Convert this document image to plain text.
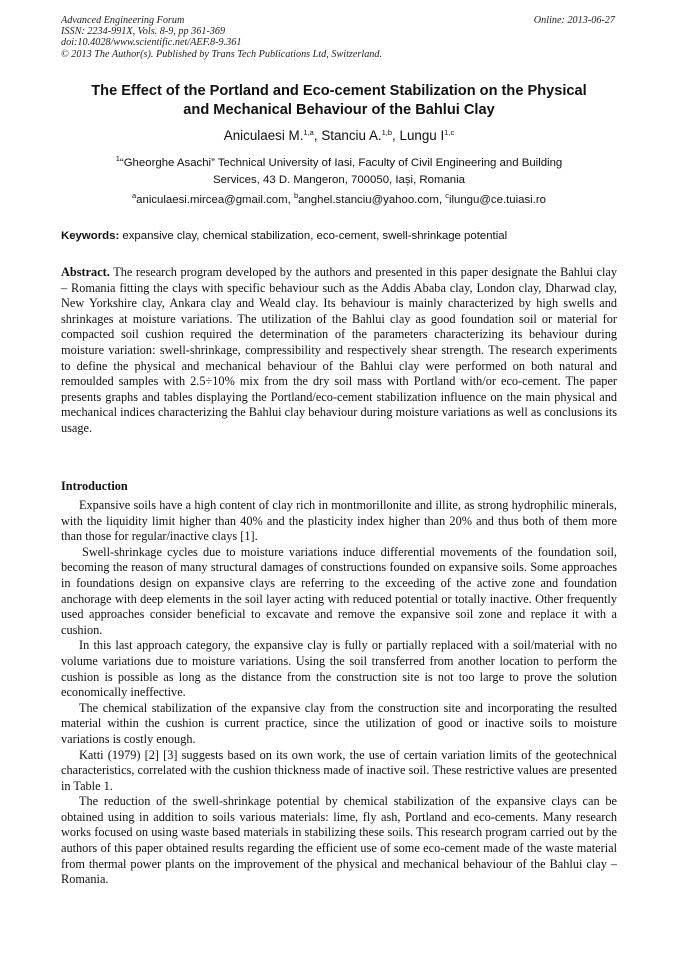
Advanced Engineering Forum
ISSN: 2234-991X, Vols. 8-9, pp 361-369
doi:10.4028/www.scientific.net/AEF.8-9.361
© 2013 The Author(s). Published by Trans Tech Publications Ltd, Switzerland.
Online: 2013-06-27
The Effect of the Portland and Eco-cement Stabilization on the Physical
and Mechanical Behaviour of the Bahlui Clay
Aniculaesi M.$^{1,a}$, Stanciu A.$^{1,b}$, Lungu I$^{1,c}$
$^1$“Gheorghe Asachi” Technical University of Iasi, Faculty of Civil Engineering and Building
Services, 43 D. Mangeron, 700050, Iași, Romania
$^a$aniculaesi.mircea@gmail.com, $^b$anghel.stanciu@yahoo.com, $^c$ilungu@ce.tuiasi.ro
Keywords: expansive clay, chemical stabilization, eco-cement, swell-shrinkage potential
Abstract. The research program developed by the authors and presented in this paper designate the Bahlui clay – Romania fitting the clays with specific behaviour such as the Addis Ababa clay, London clay, Dharwad clay, New Yorkshire clay, Ankara clay and Weald clay. Its behaviour is mainly characterized by high swells and shrinkages at moisture variations. The utilization of the Bahlui clay as good foundation soil or material for compacted soil cushion required the determination of the parameters characterizing its behaviour during moisture variation: swell-shrinkage, compressibility and respectively shear strength. The research experiments to define the physical and mechanical behaviour of the Bahlui clay were performed on both natural and remoulded samples with 2.5÷10% mix from the dry soil mass with Portland with/or eco-cement. The paper presents graphs and tables displaying the Portland/eco-cement stabilization influence on the main physical and mechanical indices characterizing the Bahlui clay behaviour during moisture variations as well as conclusions its usage.
Introduction

Expansive soils have a high content of clay rich in montmorillonite and illite, as strong hydrophilic minerals, with the liquidity limit higher than 40% and the plasticity index higher than 20% and thus both of them more than those for regular/inactive clays [1].

Swell-shrinkage cycles due to moisture variations induce differential movements of the foundation soil, becoming the reason of many structural damages of constructions founded on expansive soils. Some approaches in foundations design on expansive clays are referring to the exceeding of the active zone and foundation anchorage with deep elements in the soil layer acting with reduced potential or totally inactive. Other frequently used approaches consider beneficial to excavate and remove the expansive soil zone and replace it with a cushion.

In this last approach category, the expansive clay is fully or partially replaced with a soil/material with no volume variations due to moisture variations. Using the soil transferred from another location to perform the cushion is possible as long as the distance from the construction site is not too large to prove the solution economically ineffective.

The chemical stabilization of the expansive clay from the construction site and incorporating the resulted material within the cushion is current practice, since the utilization of good or inactive soils to moisture variations is costly enough.

Katti (1979) [2] [3] suggests based on its own work, the use of certain variation limits of the geotechnical characteristics, correlated with the cushion thickness made of inactive soil. These restrictive values are presented in Table 1.

The reduction of the swell-shrinkage potential by chemical stabilization of the expansive clays can be obtained using in addition to soils various materials: lime, fly ash, Portland and eco-cements. Many research works focused on using waste based materials in stabilizing these soils. This research program carried out by the authors of this paper obtained results regarding the efficient use of some eco-cement made of the waste material from thermal power plants on the improvement of the physical and mechanical behaviour of the Bahlui clay – Romania.
